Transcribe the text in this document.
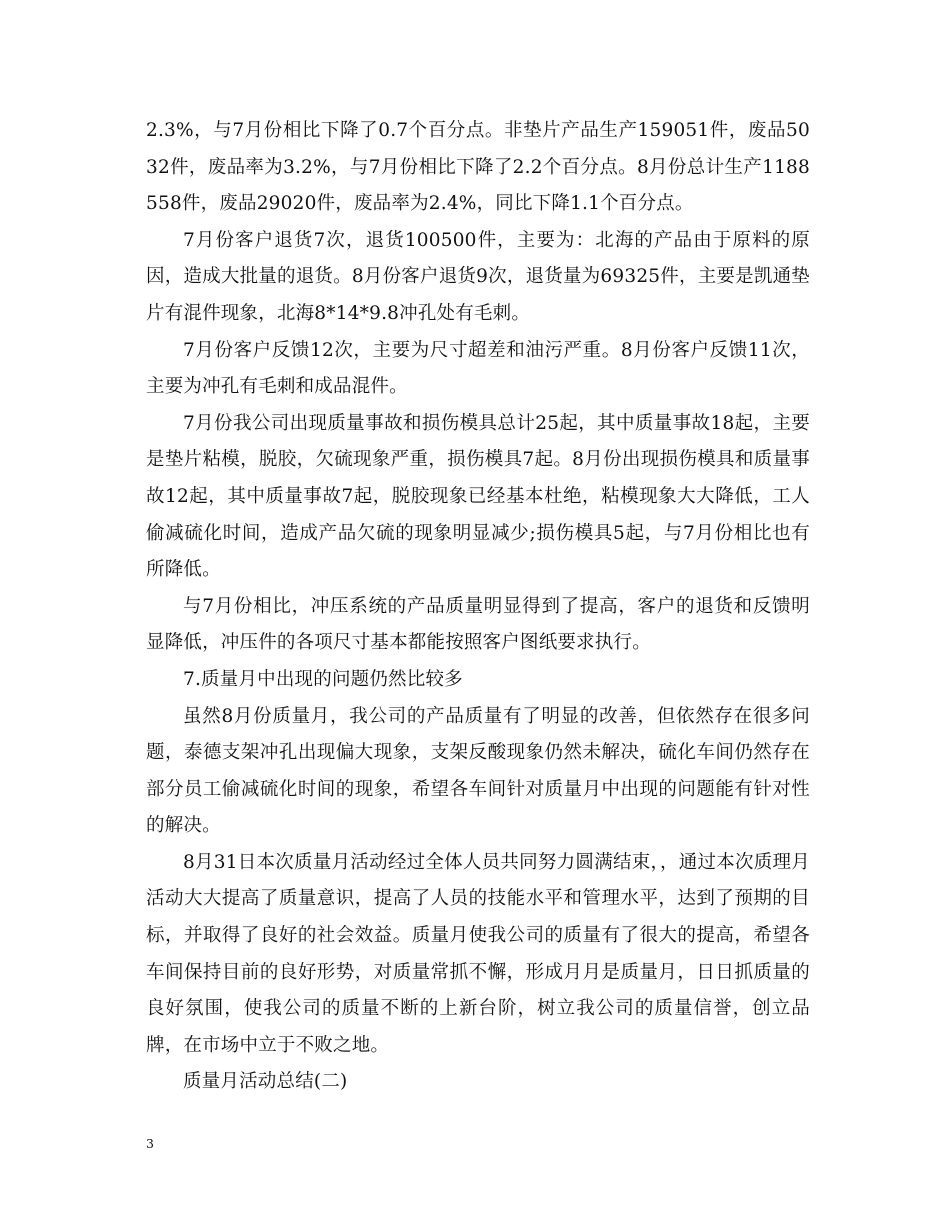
2.3%，与7月份相比下降了0.7个百分点。非垫片产品生产159051件，废品5032件，废品率为3.2%，与7月份相比下降了2.2个百分点。8月份总计生产1188558件，废品29020件，废品率为2.4%，同比下降1.1个百分点。

7月份客户退货7次，退货100500件，主要为：北海的产品由于原料的原因，造成大批量的退货。8月份客户退货9次，退货量为69325件，主要是凯通垫片有混件现象，北海8*14*9.8冲孔处有毛刺。

7月份客户反馈12次，主要为尺寸超差和油污严重。8月份客户反馈11次，主要为冲孔有毛刺和成品混件。

7月份我公司出现质量事故和损伤模具总计25起，其中质量事故18起，主要是垫片粘模，脱胶，欠硫现象严重，损伤模具7起。8月份出现损伤模具和质量事故12起，其中质量事故7起，脱胶现象已经基本杜绝，粘模现象大大降低，工人偷减硫化时间，造成产品欠硫的现象明显减少;损伤模具5起，与7月份相比也有所降低。

与7月份相比，冲压系统的产品质量明显得到了提高，客户的退货和反馈明显降低，冲压件的各项尺寸基本都能按照客户图纸要求执行。

7.质量月中出现的问题仍然比较多

虽然8月份质量月，我公司的产品质量有了明显的改善，但依然存在很多问题，泰德支架冲孔出现偏大现象，支架反酸现象仍然未解决，硫化车间仍然存在部分员工偷减硫化时间的现象，希望各车间针对质量月中出现的问题能有针对性的解决。

8月31日本次质量月活动经过全体人员共同努力圆满结束，，通过本次质理月活动大大提高了质量意识，提高了人员的技能水平和管理水平，达到了预期的目标，并取得了良好的社会效益。质量月使我公司的质量有了很大的提高，希望各车间保持目前的良好形势，对质量常抓不懈，形成月月是质量月，日日抓质量的良好氛围，使我公司的质量不断的上新台阶，树立我公司的质量信誉，创立品牌，在市场中立于不败之地。

质量月活动总结(二)

3
